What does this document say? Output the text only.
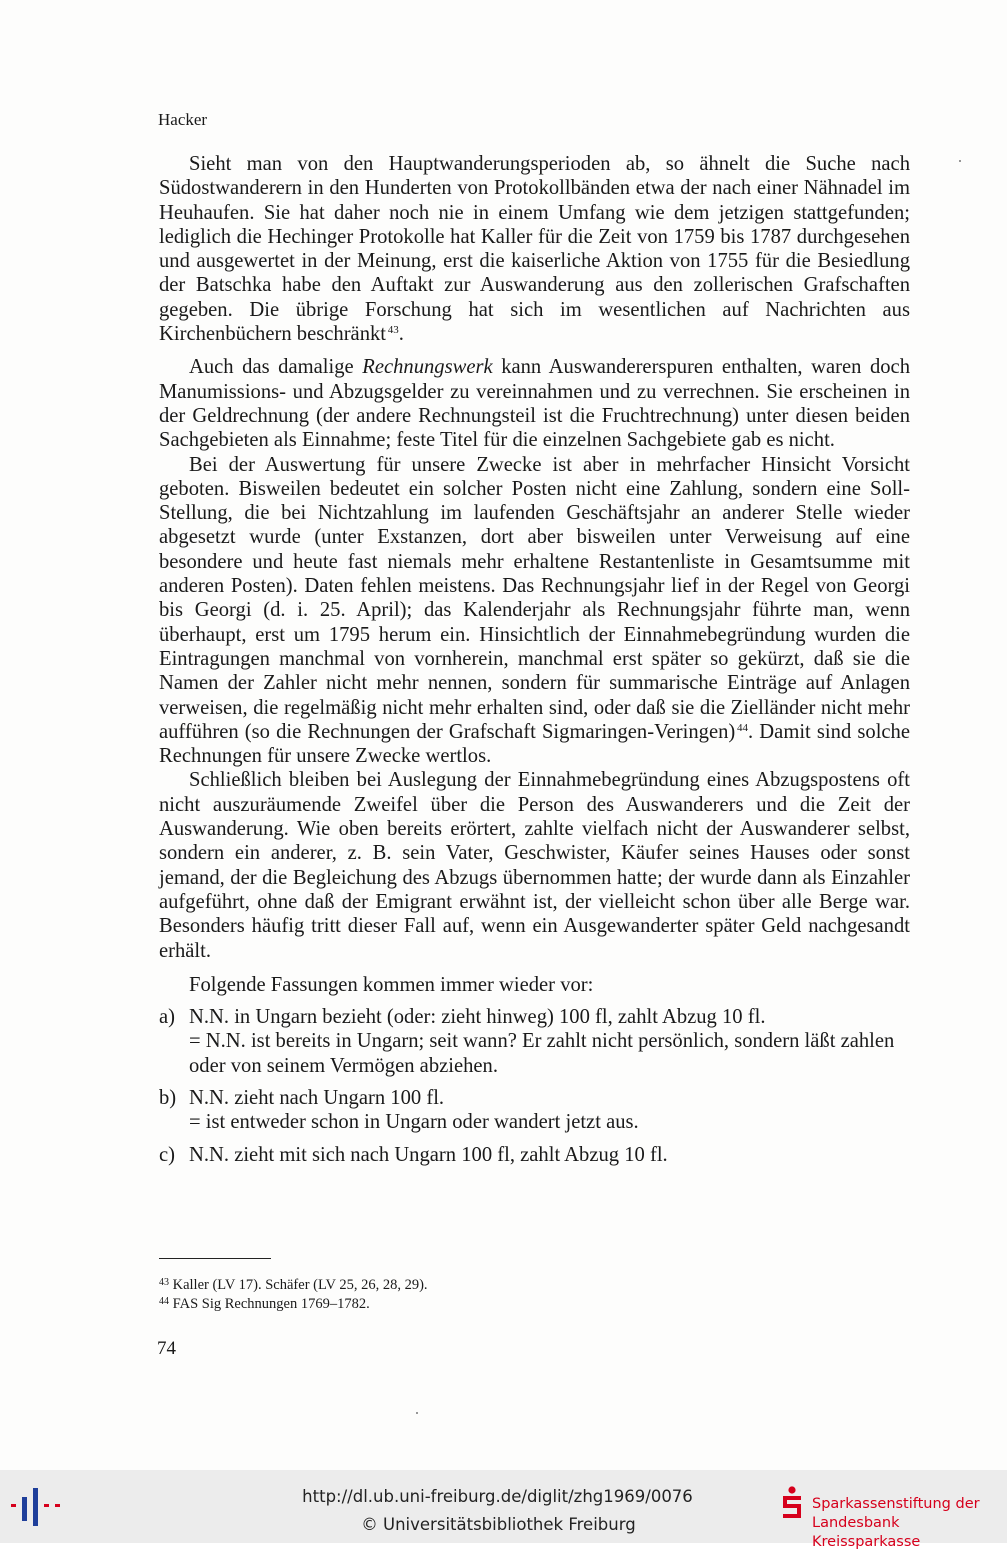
Hacker

Sieht man von den Hauptwanderungsperioden ab, so ähnelt die Suche nach Südostwanderern in den Hunderten von Protokollbänden etwa der nach einer Nähnadel im Heuhaufen. Sie hat daher noch nie in einem Umfang wie dem jetzigen stattgefunden; lediglich die Hechinger Protokolle hat Kaller für die Zeit von 1759 bis 1787 durchgesehen und ausgewertet in der Meinung, erst die kaiserliche Aktion von 1755 für die Besiedlung der Batschka habe den Auftakt zur Auswanderung aus den zollerischen Grafschaften gegeben. Die übrige Forschung hat sich im wesentlichen auf Nachrichten aus Kirchenbüchern beschränkt  $^{43}$.

Auch das damalige Rechnungswerk kann Auswandererspuren enthalten, waren doch Manumissions- und Abzugsgelder zu vereinnahmen und zu verrechnen. Sie erscheinen in der Geldrechnung (der andere Rechnungsteil ist die Fruchtrechnung) unter diesen beiden Sachgebieten als Einnahme; feste Titel für die einzelnen Sachgebiete gab es nicht.

Bei der Auswertung für unsere Zwecke ist aber in mehrfacher Hinsicht Vorsicht geboten. Bisweilen bedeutet ein solcher Posten nicht eine Zahlung, sondern eine Soll-Stellung, die bei Nichtzahlung im laufenden Geschäftsjahr an anderer Stelle wieder abgesetzt wurde (unter Exstanzen, dort aber bisweilen unter Verweisung auf eine besondere und heute fast niemals mehr erhaltene Restantenliste in Gesamtsumme mit anderen Posten). Daten fehlen meistens. Das Rechnungsjahr lief in der Regel von Georgi bis Georgi (d. i. 25. April); das Kalenderjahr als Rechnungsjahr führte man, wenn überhaupt, erst um 1795 herum ein. Hinsichtlich der Einnahmebegründung wurden die Eintragungen manchmal von vornherein, manchmal erst später so gekürzt, daß sie die Namen der Zahler nicht mehr nennen, sondern für summarische Einträge auf Anlagen verweisen, die regelmäßig nicht mehr erhalten sind, oder daß sie die Zielländer nicht mehr aufführen (so die Rechnungen der Grafschaft Sigmaringen-Veringen)  $^{44}$. Damit sind solche Rechnungen für unsere Zwecke wertlos.

Schließlich bleiben bei Auslegung der Einnahmebegründung eines Abzugspostens oft nicht auszuräumende Zweifel über die Person des Auswanderers und die Zeit der Auswanderung. Wie oben bereits erörtert, zahlte vielfach nicht der Auswanderer selbst, sondern ein anderer, z. B. sein Vater, Geschwister, Käufer seines Hauses oder sonst jemand, der die Begleichung des Abzugs übernommen hatte; der wurde dann als Einzahler aufgeführt, ohne daß der Emigrant erwähnt ist, der vielleicht schon über alle Berge war. Besonders häufig tritt dieser Fall auf, wenn ein Ausgewanderter später Geld nachgesandt erhält.

Folgende Fassungen kommen immer wieder vor:

a) N.N. in Ungarn bezieht (oder: zieht hinweg) 100 fl, zahlt Abzug 10 fl.
= N.N. ist bereits in Ungarn; seit wann? Er zahlt nicht persönlich, sondern läßt zahlen oder von seinem Vermögen abziehen.
b) N.N. zieht nach Ungarn 100 fl.
= ist entweder schon in Ungarn oder wandert jetzt aus.
c) N.N. zieht mit sich nach Ungarn 100 fl, zahlt Abzug 10 fl.
$^{43}$ Kaller (LV 17). Schäfer (LV 25, 26, 28, 29).
$^{44}$ FAS Sig Rechnungen 1769–1782.
74
http://dl.ub.uni-freiburg.de/diglit/zhg1969/0076
© Universitätsbibliothek Freiburg
Sparkassenstiftung der
Landesbank Kreissparkasse
